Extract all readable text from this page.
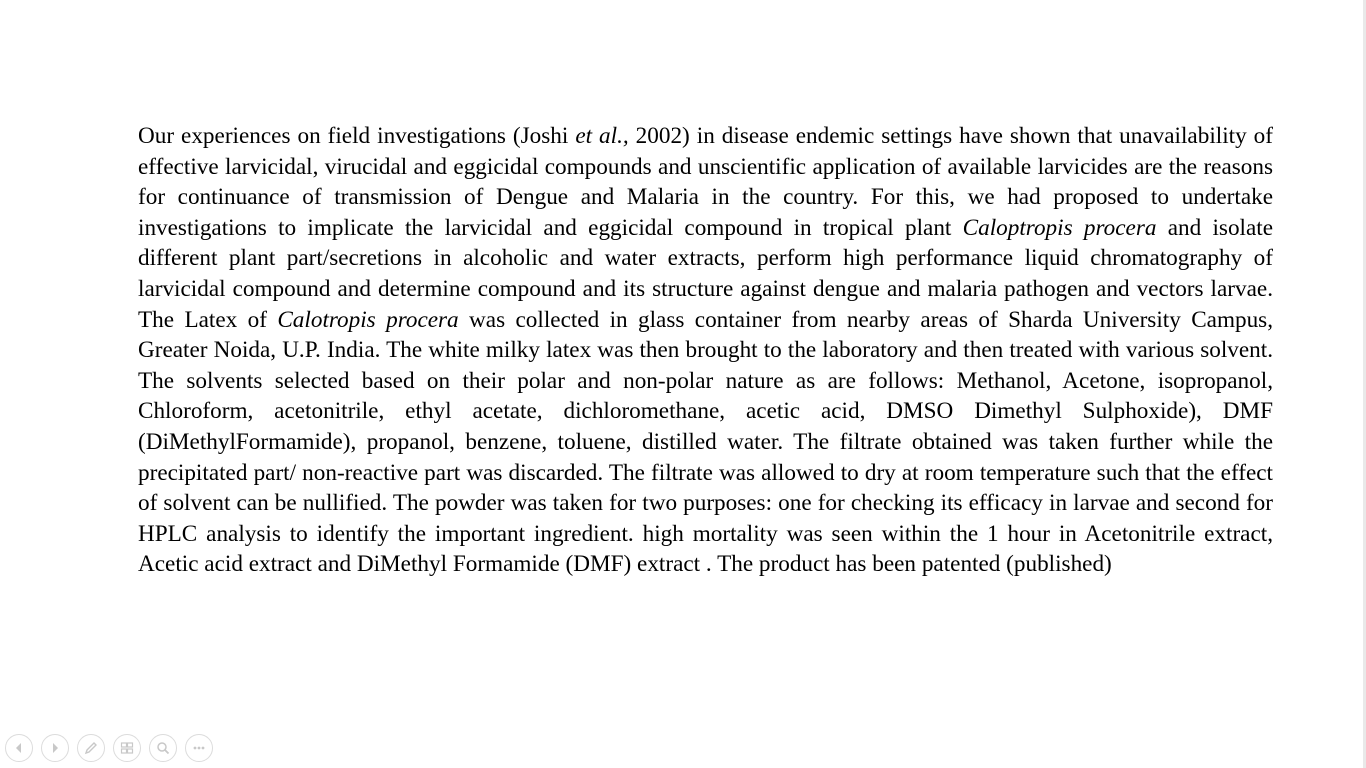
Our experiences on field investigations (Joshi et al., 2002) in disease endemic settings have shown that unavailability of effective larvicidal, virucidal and eggicidal compounds and unscientific application of available larvicides are the reasons for continuance of transmission of Dengue and Malaria in the country. For this, we had proposed to undertake investigations to implicate the larvicidal and eggicidal compound in tropical plant Caloptropis procera and isolate different plant part/secretions in alcoholic and water extracts, perform high performance liquid chromatography of larvicidal compound and determine compound and its structure against dengue and malaria pathogen and vectors larvae. The Latex of Calotropis procera was collected in glass container from nearby areas of Sharda University Campus, Greater Noida, U.P. India. The white milky latex was then brought to the laboratory and then treated with various solvent. The solvents selected based on their polar and non-polar nature as are follows: Methanol, Acetone, isopropanol, Chloroform, acetonitrile, ethyl acetate, dichloromethane, acetic acid, DMSO Dimethyl Sulphoxide), DMF (DiMethylFormamide), propanol, benzene, toluene, distilled water. The filtrate obtained was taken further while the precipitated part/ non-reactive part was discarded. The filtrate was allowed to dry at room temperature such that the effect of solvent can be nullified. The powder was taken for two purposes: one for checking its efficacy in larvae and second for HPLC analysis to identify the important ingredient. high mortality was seen within the 1 hour in Acetonitrile extract, Acetic acid extract and DiMethyl Formamide (DMF) extract . The product has been patented (published)
